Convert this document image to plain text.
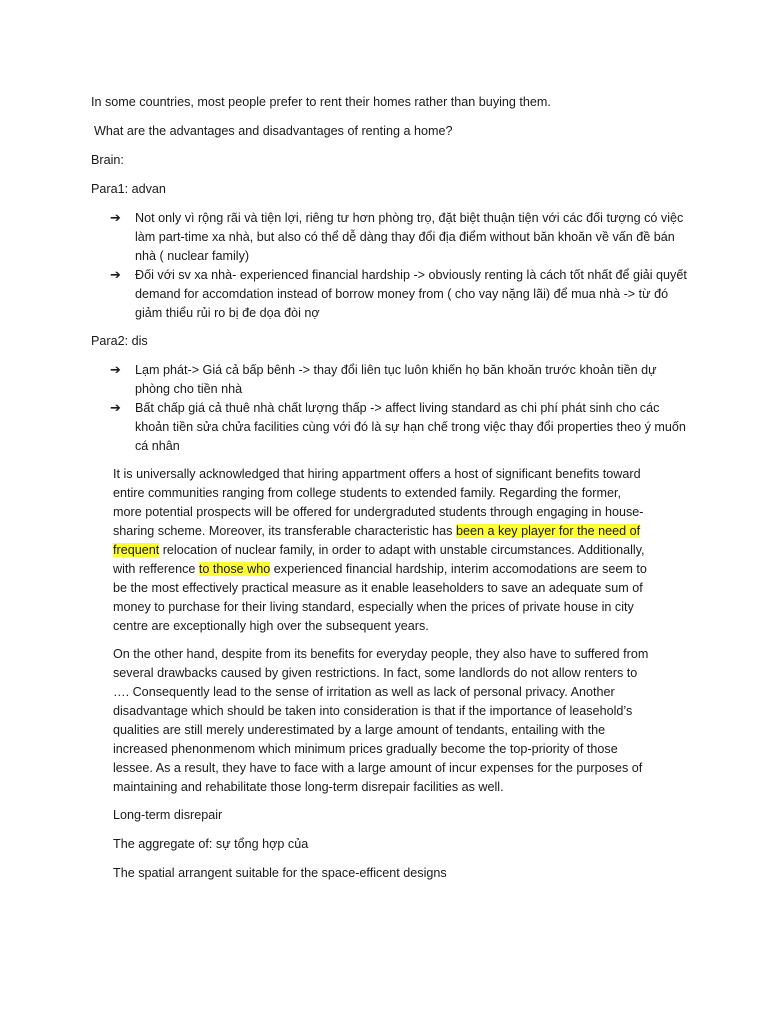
In some countries, most people prefer to rent their homes rather than buying them.
What are the advantages and disadvantages of renting a home?
Brain:
Para1: advan
➔ Not only vì rộng rãi và tiện lợi, riêng tư hơn phòng trọ, đặt biệt thuận tiện với các đối tượng có việc làm part-time xa nhà, but also có thể dễ dàng thay đổi địa điểm without băn khoăn về vấn đề bán nhà ( nuclear family)
➔ Đối với sv xa nhà- experienced financial hardship -> obviously renting là cách tốt nhất để giải quyết demand for accomdation instead of borrow money from ( cho vay nặng lãi) để mua nhà -> từ đó giảm thiểu rủi ro bị đe dọa đòi nợ
Para2: dis
➔ Lạm phát-> Giá cả bấp bênh -> thay đổi liên tục luôn khiến họ băn khoăn trước khoản tiền dự phòng cho tiền nhà
➔ Bất chấp giá cả thuê nhà chất lượng thấp -> affect living standard as chi phí phát sinh cho các khoản tiền sửa chửa facilities cùng với đó là sự hạn chế trong việc thay đổi properties theo ý muốn cá nhân
It is universally acknowledged that hiring appartment offers a host of significant benefits toward entire communities ranging from college students to extended family. Regarding the former, more potential prospects will be offered for undergraduted students through engaging in house-sharing scheme. Moreover, its transferable characteristic has been a key player for the need of frequent relocation of nuclear family, in order to adapt with unstable circumstances. Additionally, with refference to those who experienced financial hardship, interim accomodations are seem to be the most effectively practical measure as it enable leaseholders to save an adequate sum of money to purchase for their living standard, especially when the prices of private house in city centre are exceptionally high over the subsequent years.
On the other hand, despite from its benefits for everyday people, they also have to suffered from several drawbacks caused by given restrictions. In fact, some landlords do not allow renters to …. Consequently lead to the sense of irritation as well as lack of personal privacy. Another disadvantage which should be taken into consideration is that if the importance of leasehold’s qualities are still merely underestimated by a large amount of tendants, entailing with the increased phenonmenom which minimum prices gradually become the top-priority of those lessee. As a result, they have to face with a large amount of incur expenses for the purposes of maintaining and rehabilitate those long-term disrepair facilities as well.
Long-term disrepair
The aggregate of: sự tổng hợp của
The spatial arrangent suitable for the space-efficent designs
